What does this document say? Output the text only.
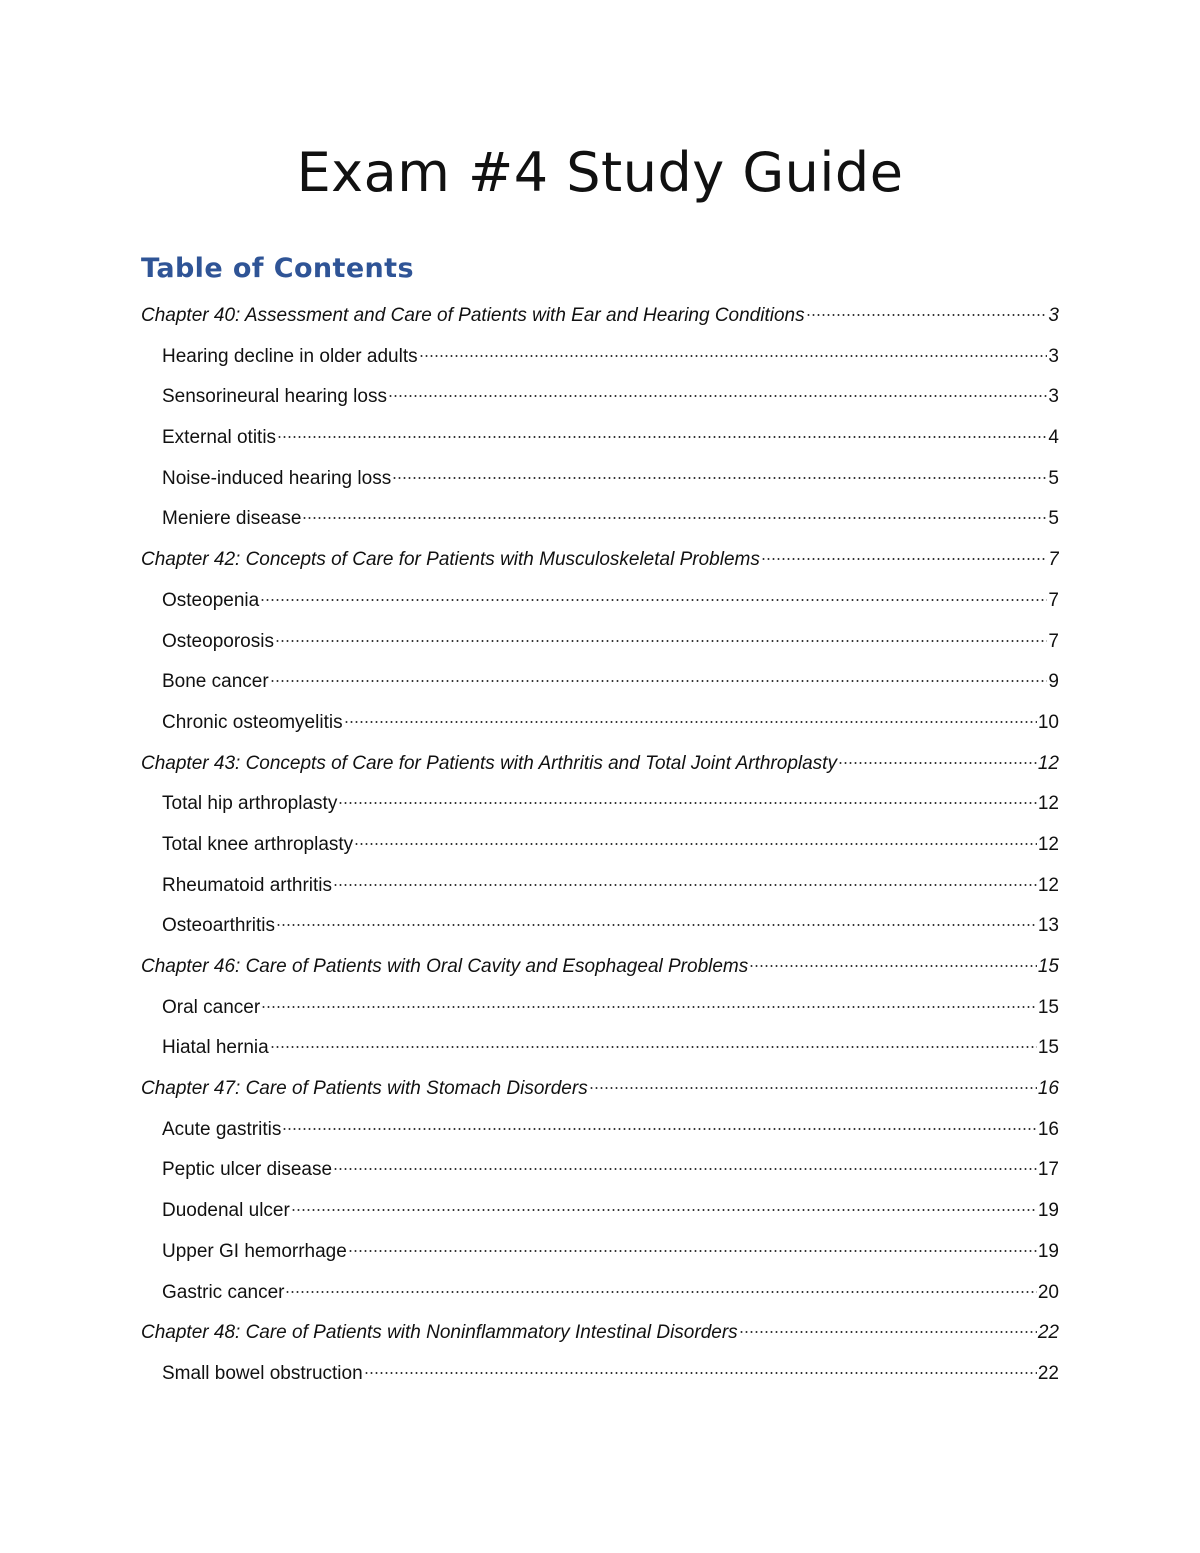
Exam #4 Study Guide
Table of Contents
Chapter 40: Assessment and Care of Patients with Ear and Hearing Conditions	3
Hearing decline in older adults	3
Sensorineural hearing loss	3
External otitis	4
Noise-induced hearing loss	5
Meniere disease	5
Chapter 42: Concepts of Care for Patients with Musculoskeletal Problems	7
Osteopenia	7
Osteoporosis	7
Bone cancer	9
Chronic osteomyelitis	10
Chapter 43: Concepts of Care for Patients with Arthritis and Total Joint Arthroplasty	12
Total hip arthroplasty	12
Total knee arthroplasty	12
Rheumatoid arthritis	12
Osteoarthritis	13
Chapter 46: Care of Patients with Oral Cavity and Esophageal Problems	15
Oral cancer	15
Hiatal hernia	15
Chapter 47: Care of Patients with Stomach Disorders	16
Acute gastritis	16
Peptic ulcer disease	17
Duodenal ulcer	19
Upper GI hemorrhage	19
Gastric cancer	20
Chapter 48: Care of Patients with Noninflammatory Intestinal Disorders	22
Small bowel obstruction	22
